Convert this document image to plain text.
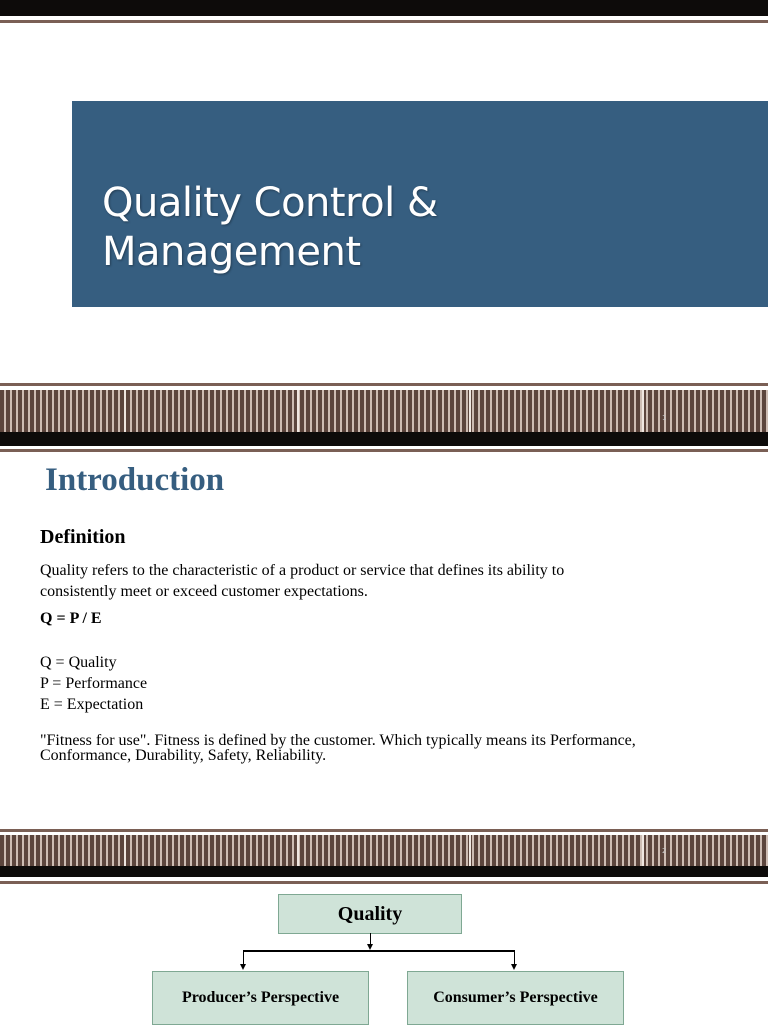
Quality Control &
Management
1
Introduction
Definition
Quality refers to the characteristic of a product or service that defines its ability to
consistently meet or exceed customer expectations.
Q = P / E
Q = Quality
P = Performance
E = Expectation
"Fitness for use". Fitness is defined by the customer. Which typically means its Performance,
Conformance, Durability, Safety, Reliability.
2
Quality
Producer’s Perspective	Consumer’s Perspective
